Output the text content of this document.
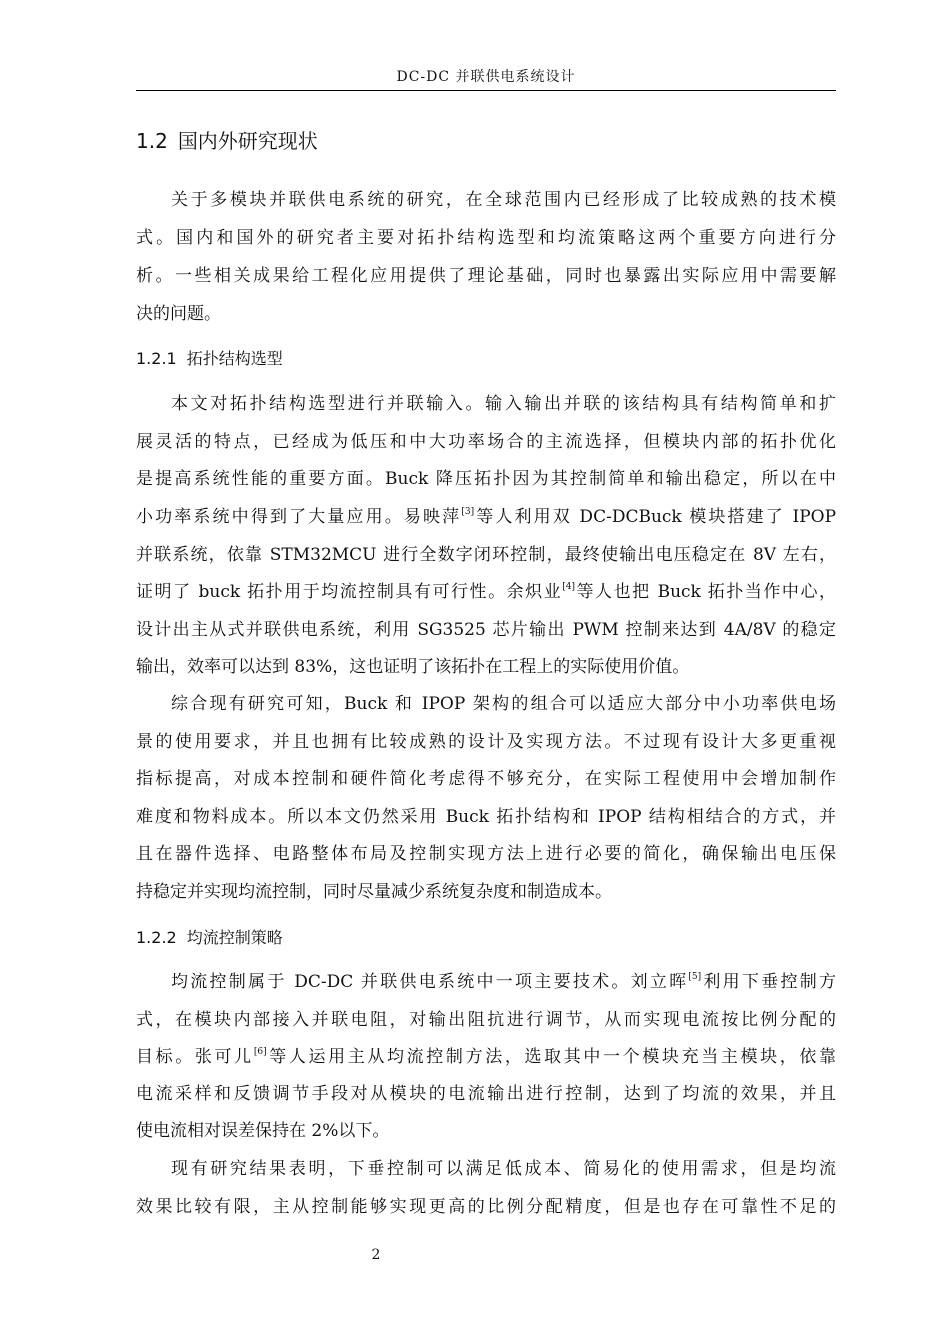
DC-DC 并联供电系统设计
1.2 国内外研究现状
关于多模块并联供电系统的研究，在全球范围内已经形成了比较成熟的技术模
式。国内和国外的研究者主要对拓扑结构选型和均流策略这两个重要方向进行分
析。一些相关成果给工程化应用提供了理论基础，同时也暴露出实际应用中需要解
决的问题。
1.2.1 拓扑结构选型
本文对拓扑结构选型进行并联输入。输入输出并联的该结构具有结构简单和扩
展灵活的特点，已经成为低压和中大功率场合的主流选择，但模块内部的拓扑优化
是提高系统性能的重要方面。Buck 降压拓扑因为其控制简单和输出稳定，所以在中
小功率系统中得到了大量应用。易映萍[3]等人利用双 DC-DCBuck 模块搭建了 IPOP
并联系统，依靠 STM32MCU 进行全数字闭环控制，最终使输出电压稳定在 8V 左右，
证明了 buck 拓扑用于均流控制具有可行性。余炽业[4]等人也把 Buck 拓扑当作中心，
设计出主从式并联供电系统，利用 SG3525 芯片输出 PWM 控制来达到 4A/8V 的稳定
输出，效率可以达到 83%，这也证明了该拓扑在工程上的实际使用价值。
综合现有研究可知，Buck 和 IPOP 架构的组合可以适应大部分中小功率供电场
景的使用要求，并且也拥有比较成熟的设计及实现方法。不过现有设计大多更重视
指标提高，对成本控制和硬件简化考虑得不够充分，在实际工程使用中会增加制作
难度和物料成本。所以本文仍然采用 Buck 拓扑结构和 IPOP 结构相结合的方式，并
且在器件选择、电路整体布局及控制实现方法上进行必要的简化，确保输出电压保
持稳定并实现均流控制，同时尽量减少系统复杂度和制造成本。
1.2.2 均流控制策略
均流控制属于 DC-DC 并联供电系统中一项主要技术。刘立晖[5]利用下垂控制方
式，在模块内部接入并联电阻，对输出阻抗进行调节，从而实现电流按比例分配的
目标。张可儿[6]等人运用主从均流控制方法，选取其中一个模块充当主模块，依靠
电流采样和反馈调节手段对从模块的电流输出进行控制，达到了均流的效果，并且
使电流相对误差保持在 2%以下。
现有研究结果表明，下垂控制可以满足低成本、简易化的使用需求，但是均流
效果比较有限，主从控制能够实现更高的比例分配精度，但是也存在可靠性不足的
2
